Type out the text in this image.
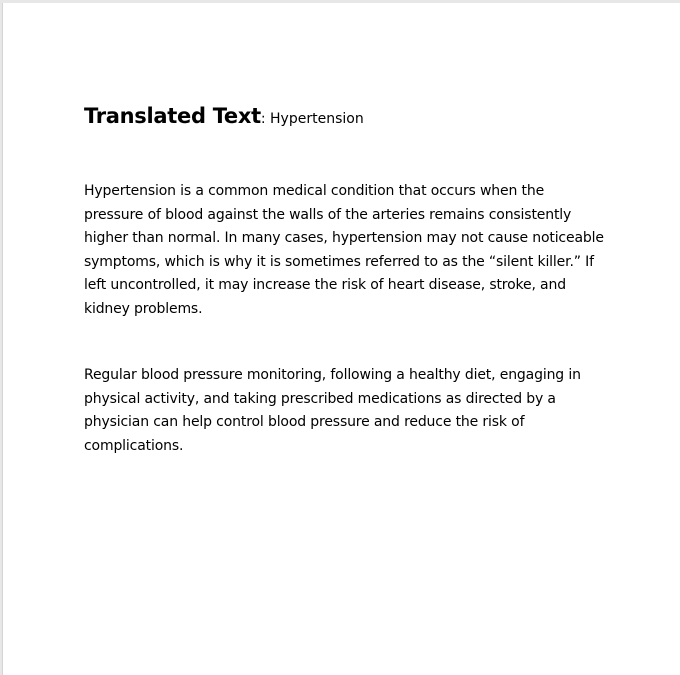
Translated Text: Hypertension

Hypertension is a common medical condition that occurs when the pressure of blood against the walls of the arteries remains consistently higher than normal. In many cases, hypertension may not cause noticeable symptoms, which is why it is sometimes referred to as the “silent killer.” If left uncontrolled, it may increase the risk of heart disease, stroke, and kidney problems.

Regular blood pressure monitoring, following a healthy diet, engaging in physical activity, and taking prescribed medications as directed by a physician can help control blood pressure and reduce the risk of complications.
